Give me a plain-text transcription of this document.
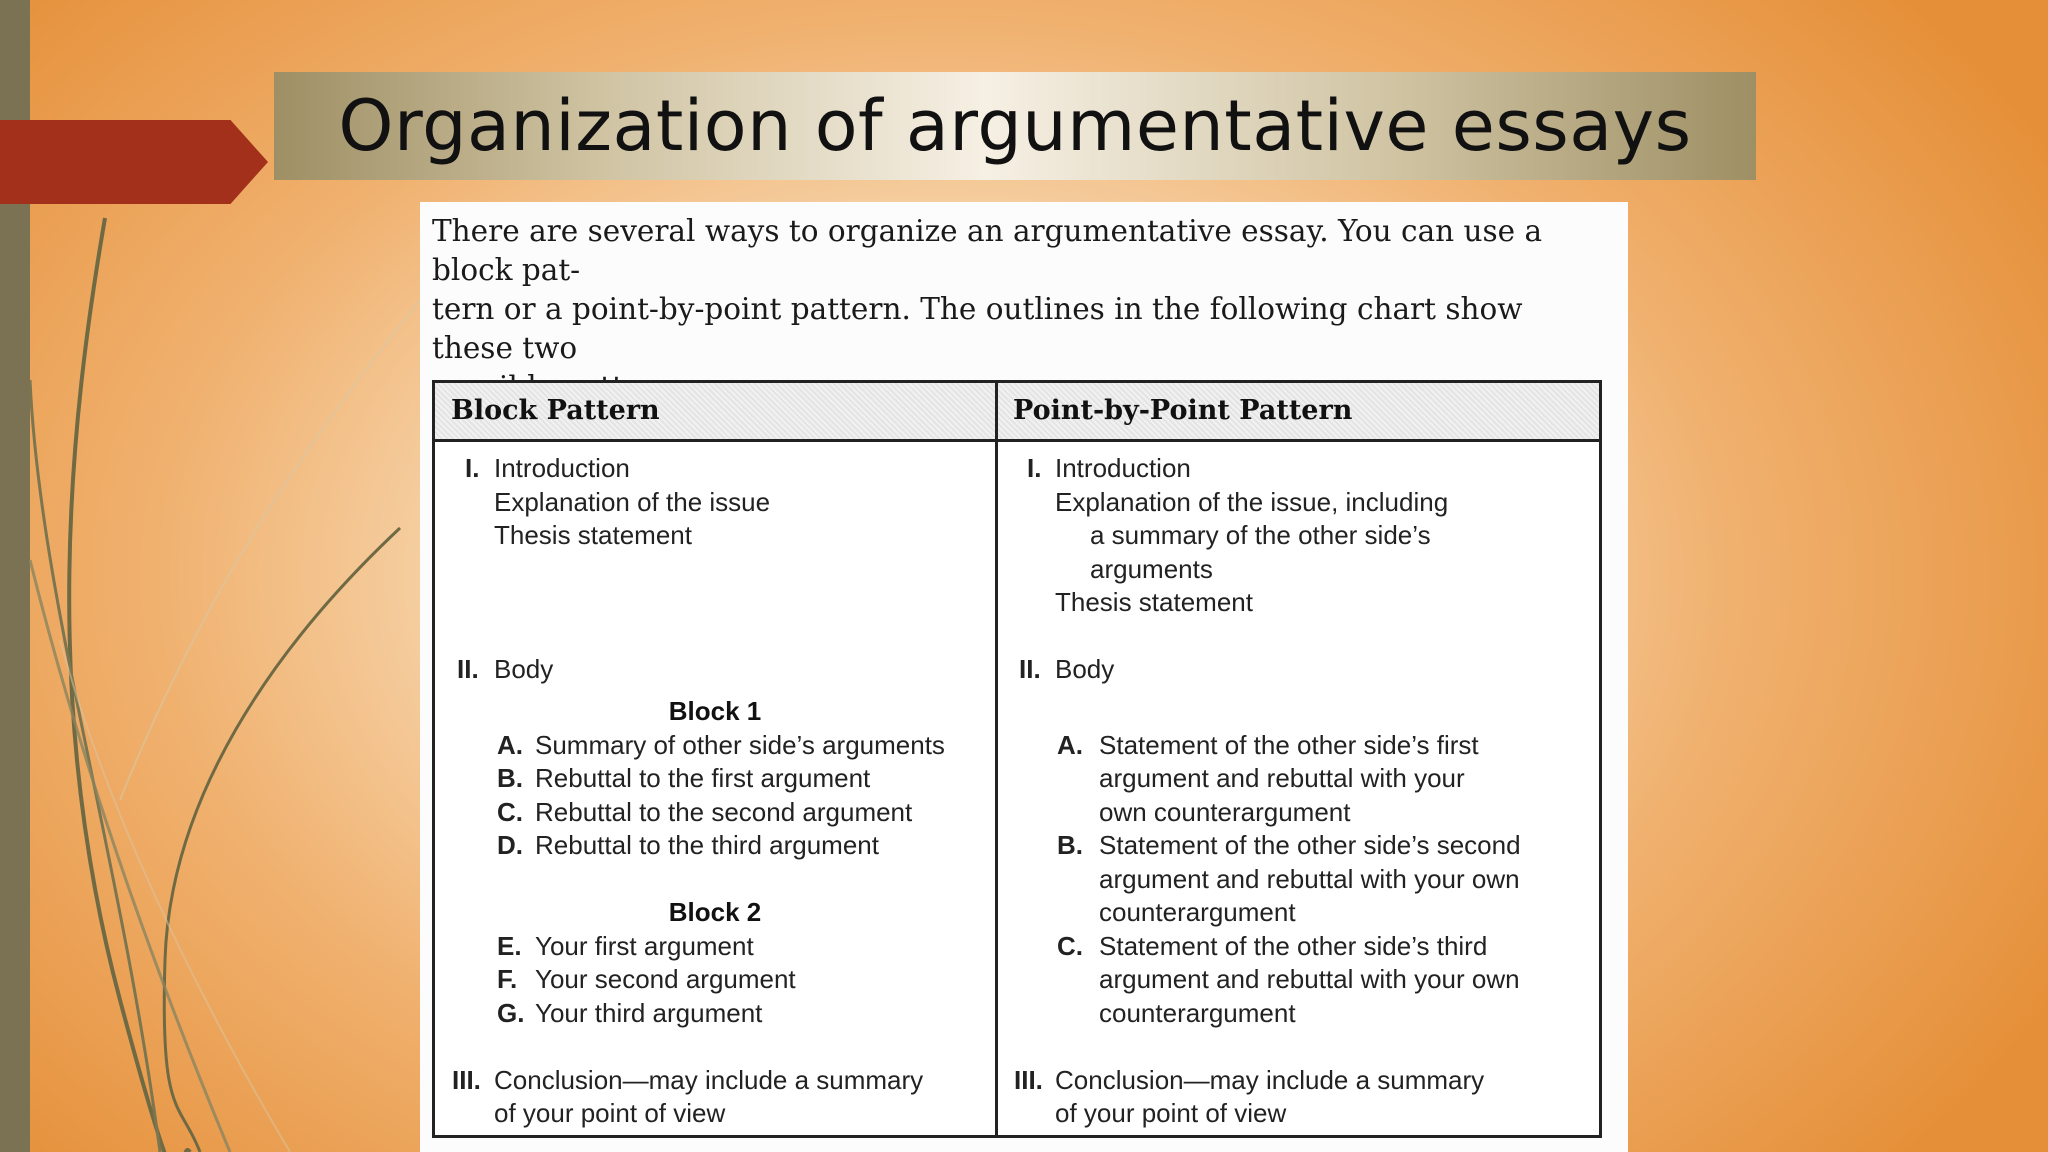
Organization of argumentative essays

There are several ways to organize an argumentative essay. You can use a block pat-
tern or a point-by-point pattern. The outlines in the following chart show these two

Block Pattern	Point-by-Point Pattern
I. Introduction
Explanation of the issue
Thesis statement
II. Body
Block 1
A. Summary of other side’s arguments
B. Rebuttal to the first argument
C. Rebuttal to the second argument
D. Rebuttal to the third argument
Block 2
E. Your first argument
F. Your second argument
G. Your third argument
III. Conclusion—may include a summary
of your point of view
I. Introduction
Explanation of the issue, including
a summary of the other side’s
arguments
Thesis statement
II. Body
A. Statement of the other side’s first
argument and rebuttal with your
own counterargument
B. Statement of the other side’s second
argument and rebuttal with your own
counterargument
C. Statement of the other side’s third
argument and rebuttal with your own
counterargument
III. Conclusion—may include a summary
of your point of view
